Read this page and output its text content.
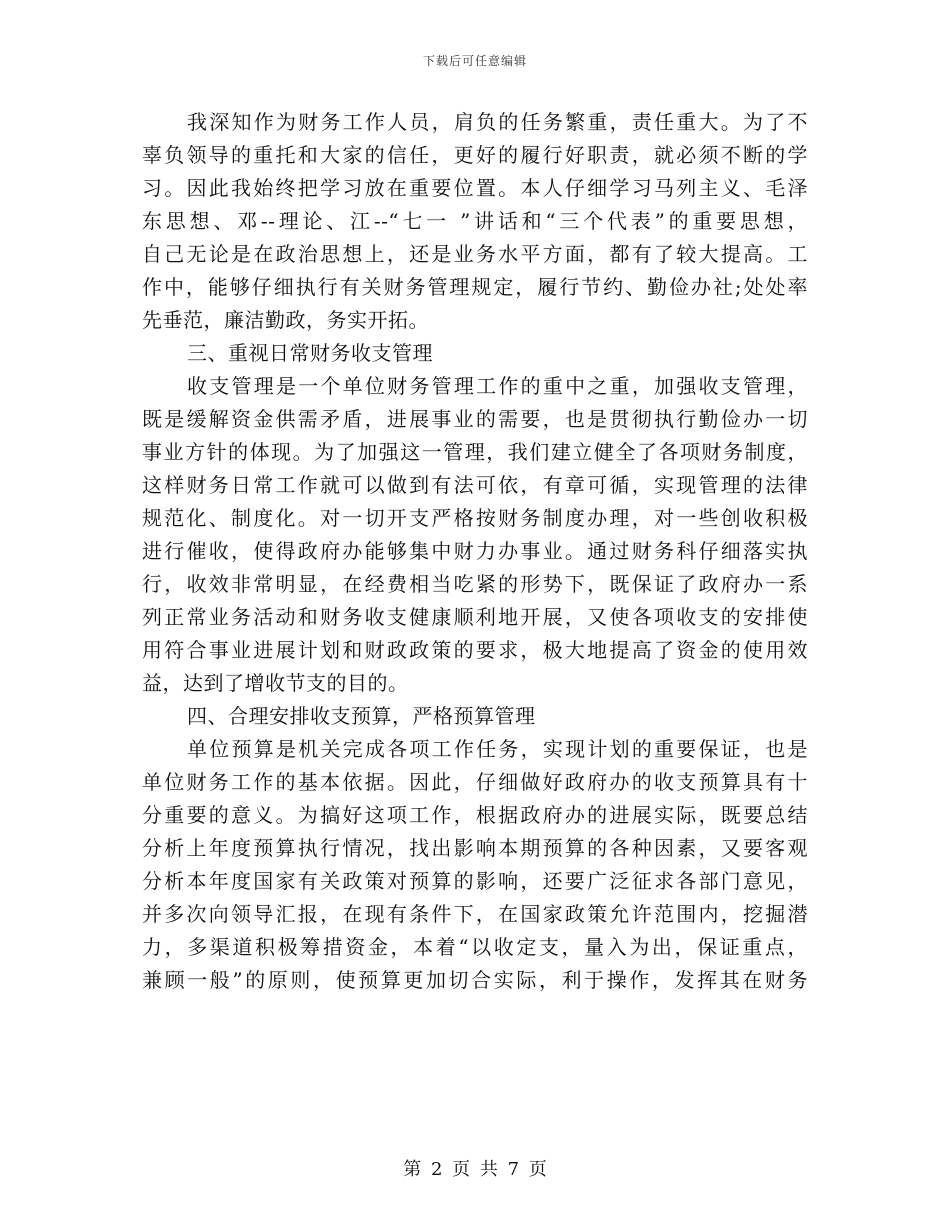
下载后可任意编辑
我深知作为财务工作人员，肩负的任务繁重，责任重大。为了不
辜负领导的重托和大家的信任，更好的履行好职责，就必须不断的学
习。因此我始终把学习放在重要位置。本人仔细学习马列主义、毛泽
东思想、邓--理论、江--“七一 ”讲话和“三个代表”的重要思想，
自己无论是在政治思想上，还是业务水平方面，都有了较大提高。工
作中，能够仔细执行有关财务管理规定，履行节约、勤俭办社;处处率
先垂范，廉洁勤政，务实开拓。
三、重视日常财务收支管理
收支管理是一个单位财务管理工作的重中之重，加强收支管理，
既是缓解资金供需矛盾，进展事业的需要，也是贯彻执行勤俭办一切
事业方针的体现。为了加强这一管理，我们建立健全了各项财务制度，
这样财务日常工作就可以做到有法可依，有章可循，实现管理的法律
规范化、制度化。对一切开支严格按财务制度办理，对一些创收积极
进行催收，使得政府办能够集中财力办事业。通过财务科仔细落实执
行，收效非常明显，在经费相当吃紧的形势下，既保证了政府办一系
列正常业务活动和财务收支健康顺利地开展，又使各项收支的安排使
用符合事业进展计划和财政政策的要求，极大地提高了资金的使用效
益，达到了增收节支的目的。
四、合理安排收支预算，严格预算管理
单位预算是机关完成各项工作任务，实现计划的重要保证，也是
单位财务工作的基本依据。因此，仔细做好政府办的收支预算具有十
分重要的意义。为搞好这项工作，根据政府办的进展实际，既要总结
分析上年度预算执行情况，找出影响本期预算的各种因素，又要客观
分析本年度国家有关政策对预算的影响，还要广泛征求各部门意见，
并多次向领导汇报，在现有条件下，在国家政策允许范围内，挖掘潜
力，多渠道积极筹措资金，本着“以收定支，量入为出，保证重点，
兼顾一般”的原则，使预算更加切合实际，利于操作，发挥其在财务
第 2 页 共 7 页
